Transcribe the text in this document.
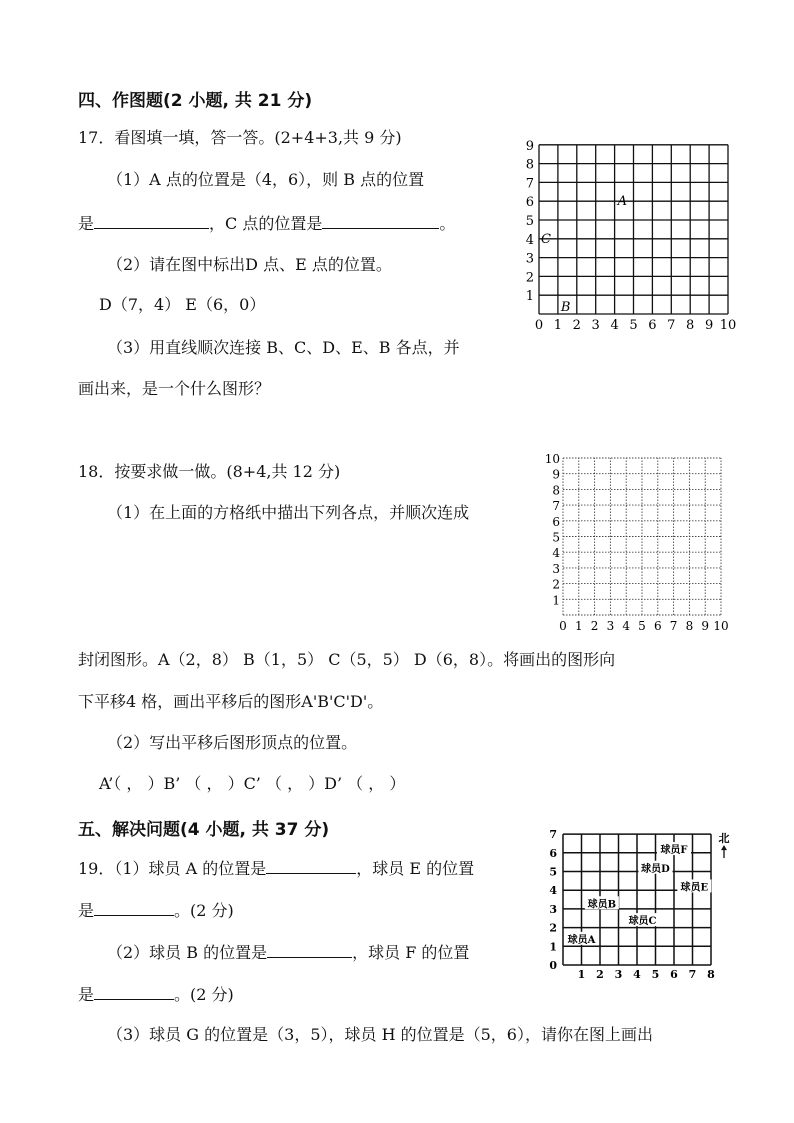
四、作图题(2 小题, 共 21 分)
17．看图填一填，答一答。(2+4+3,共 9 分)
（1）A 点的位置是（4，6），则 B 点的位置
是	，C 点的位置是	。
（2）请在图中标出D 点、E 点的位置。
D（7，4） E（6，0）
（3）用直线顺次连接 B、C、D、E、B 各点，并
画出来，是一个什么图形？
0 1 2 3 4 5 6 7 8 9 10
1
2
3
4
5
6
7
8
9
A
B
C
18．按要求做一做。(8+4,共 12 分)
（1）在上面的方格纸中描出下列各点，并顺次连成
封闭图形。A（2，8） B（1，5） C（5，5） D（6，8）。将画出的图形向
下平移4 格，画出平移后的图形A'B'C'D'。
（2）写出平移后图形顶点的位置。
A’（ ， ）B’ （ ， ）C’ （ ， ）D’ （ ， ）
0 1 2 3 4 5 6 7 8 9 10
1
2
3
4
5
6
7
8
9
10
五、解决问题(4 小题, 共 37 分)
19．（1）球员 A 的位置是	，球员 E 的位置
是	。(2 分)
（2）球员 B 的位置是	，球员 F 的位置
是	。(2 分)
（3）球员 G 的位置是（3，5），球员 H 的位置是（5，6），请你在图上画出
1 2 3 4 5 6 7 8
0
1
2
3
4
5
6
7
球员A
球员B
球员C
球员D
球员E
球员F
北
